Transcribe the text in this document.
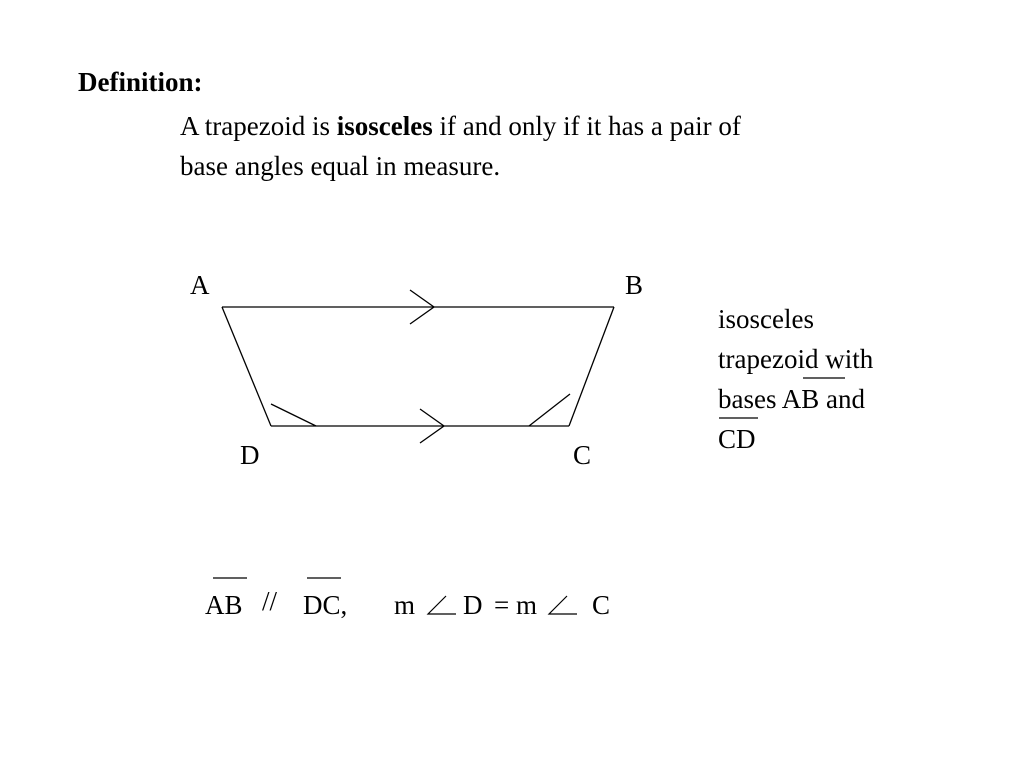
Definition:
A trapezoid is isosceles if and only if it has a pair of
base angles equal in measure.
A	B
D	C
isosceles
trapezoid with
bases AB and
CD
AB // DC, m D = m C
